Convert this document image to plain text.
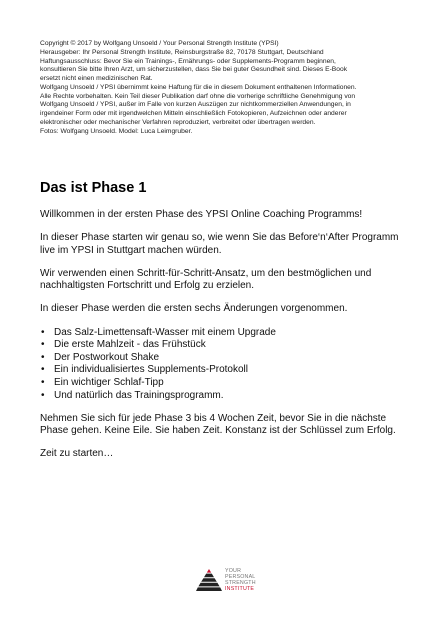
Copyright © 2017 by Wolfgang Unsoeld / Your Personal Strength Institute (YPSI)

Herausgeber: Ihr Personal Strength Institute, Reinsburgstraße 82, 70178 Stuttgart, Deutschland

Haftungsausschluss: Bevor Sie ein Trainings-, Ernährungs- oder Supplements-Programm beginnen,

konsultieren Sie bitte Ihren Arzt, um sicherzustellen, dass Sie bei guter Gesundheit sind. Dieses E-Book

ersetzt nicht einen medizinischen Rat.

Wolfgang Unsoeld / YPSI übernimmt keine Haftung für die in diesem Dokument enthaltenen Informationen.

Alle Rechte vorbehalten. Kein Teil dieser Publikation darf ohne die vorherige schriftliche Genehmigung von

Wolfgang Unsoeld / YPSI, außer im Falle von kurzen Auszügen zur nichtkommerziellen Anwendungen, in

irgendeiner Form oder mit irgendwelchen Mitteln einschließlich Fotokopieren, Aufzeichnen oder anderer

elektronischer oder mechanischer Verfahren reproduziert, verbreitet oder übertragen werden.

Fotos: Wolfgang Unsoeld. Model: Luca Leimgruber.

Das ist Phase 1

Willkommen in der ersten Phase des YPSI Online Coaching Programms!

In dieser Phase starten wir genau so, wie wenn Sie das Before‘n‘After Programm live im YPSI in Stuttgart machen würden.

Wir verwenden einen Schritt-für-Schritt-Ansatz, um den bestmöglichen und nachhaltigsten Fortschritt und Erfolg zu erzielen.

In dieser Phase werden die ersten sechs Änderungen vorgenommen.

• Das Salz-Limettensaft-Wasser mit einem Upgrade
• Die erste Mahlzeit - das Frühstück
• Der Postworkout Shake
• Ein individualisiertes Supplements-Protokoll
• Ein wichtiger Schlaf-Tipp
• Und natürlich das Trainingsprogramm.

Nehmen Sie sich für jede Phase 3 bis 4 Wochen Zeit, bevor Sie in die nächste Phase gehen. Keine Eile. Sie haben Zeit. Konstanz ist der Schlüssel zum Erfolg.

Zeit zu starten…

YOUR
PERSONAL
STRENGTH
INSTITUTE
